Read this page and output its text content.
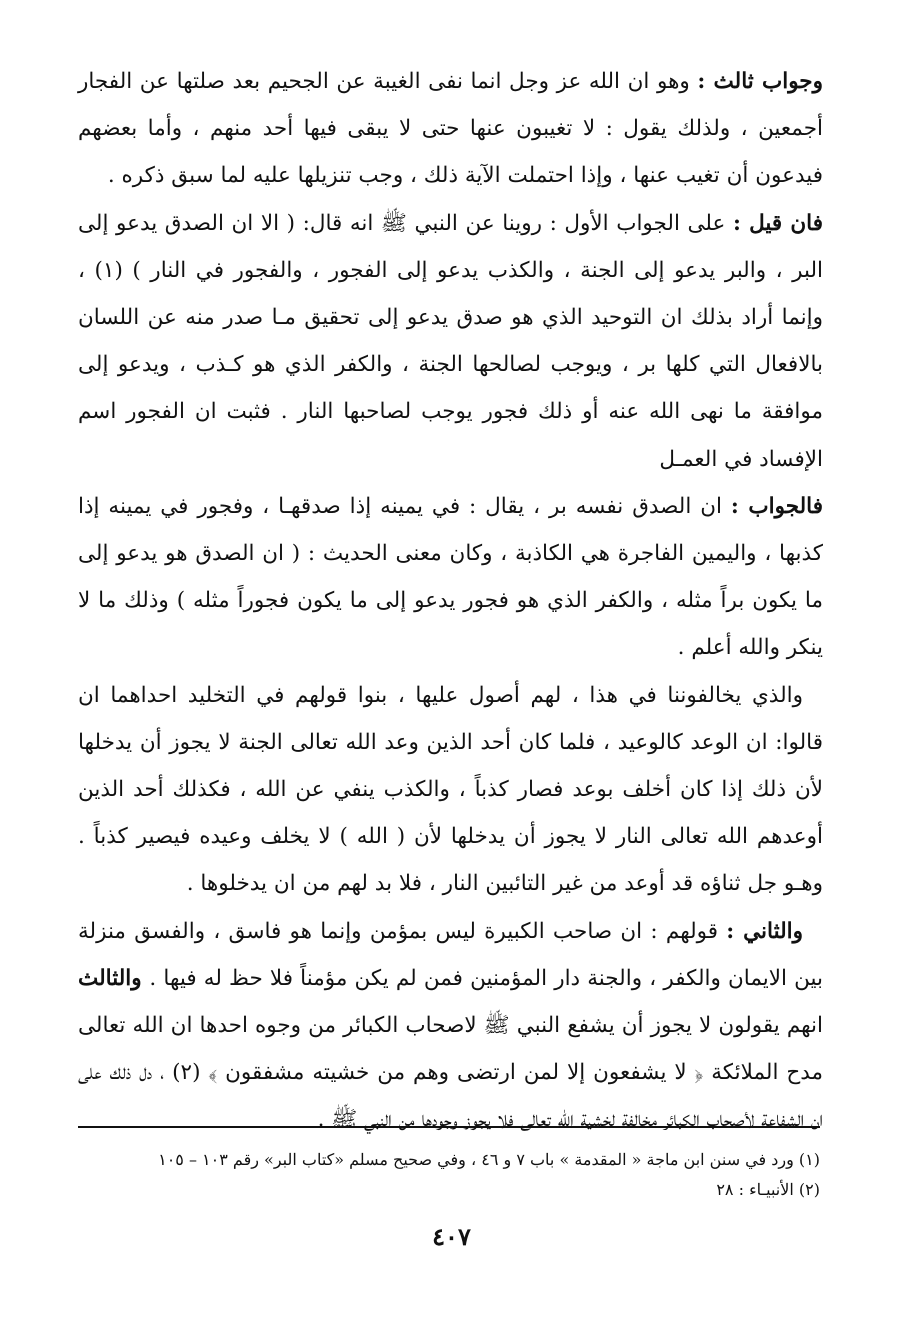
وجواب ثالث : وهو ان الله عز وجل انما نفى الغيبة عن الجحيم بعد صلتها عن الفجار أجمعين ، ولذلك يقول : لا تغيبون عنها حتى لا يبقى فيها أحد منهم ، وأما بعضهم فيدعون أن تغيب عنها ، وإذا احتملت الآية ذلك ، وجب تنزيلها عليه لما سبق ذكره .

فان قيل : على الجواب الأول : روينا عن النبي ﷺ انه قال: ( الا ان الصدق يدعو إلى البر ، والبر يدعو إلى الجنة ، والكذب يدعو إلى الفجور ، والفجور في النار ) (١) ، وإنما أراد بذلك ان التوحيد الذي هو صدق يدعو إلى تحقيق مـا صدر منه عن اللسان بالافعال التي كلها بر ، ويوجب لصالحها الجنة ، والكفر الذي هو كـذب ، ويدعو إلى موافقة ما نهى الله عنه أو ذلك فجور يوجب لصاحبها النار . فثبت ان الفجور اسم الإفساد في العمـل

فالجواب : ان الصدق نفسه بر ، يقال : في يمينه إذا صدقهـا ، وفجور في يمينه إذا كذبها ، واليمين الفاجرة هي الكاذبة ، وكان معنى الحديث : ( ان الصدق هو يدعو إلى ما يكون براً مثله ، والكفر الذي هو فجور يدعو إلى ما يكون فجوراً مثله ) وذلك ما لا ينكر والله أعلم .

والذي يخالفوننا في هذا ، لهم أصول عليها ، بنوا قولهم في التخليد احداهما ان قالوا: ان الوعد كالوعيد ، فلما كان أحد الذين وعد الله تعالى الجنة لا يجوز أن يدخلها لأن ذلك إذا كان أخلف بوعد فصار كذباً ، والكذب ينفي عن الله ، فكذلك أحد الذين أوعدهم الله تعالى النار لا يجوز أن يدخلها لأن ( الله ) لا يخلف وعيده فيصير كذباً . وهـو جل ثناؤه قد أوعد من غير التائبين النار ، فلا بد لهم من ان يدخلوها .

والثاني : قولهم : ان صاحب الكبيرة ليس بمؤمن وإنما هو فاسق ، والفسق منزلة بين الايمان والكفر ، والجنة دار المؤمنين فمن لم يكن مؤمناً فلا حظ له فيها . والثالث انهم يقولون لا يجوز أن يشفع النبي ﷺ لاصحاب الكبائر من وجوه احدها ان الله تعالى مدح الملائكة ﴿ لا يشفعون إلا لمن ارتضى وهم من خشيته مشفقون ﴾ (٢) ، دل ذلك على ان الشفاعة لأصحاب الكبائر مخالفة لخشية الله تعالى فلا يجوز وجودها من النبي ﷺ .

(١) ورد في سنن ابن ماجة « المقدمة » باب ٧ و ٤٦ ، وفي صحيح مسلم «كتاب البر» رقم ١٠٣ – ١٠٥

(٢) الأنبيـاء : ٢٨

٤٠٧
